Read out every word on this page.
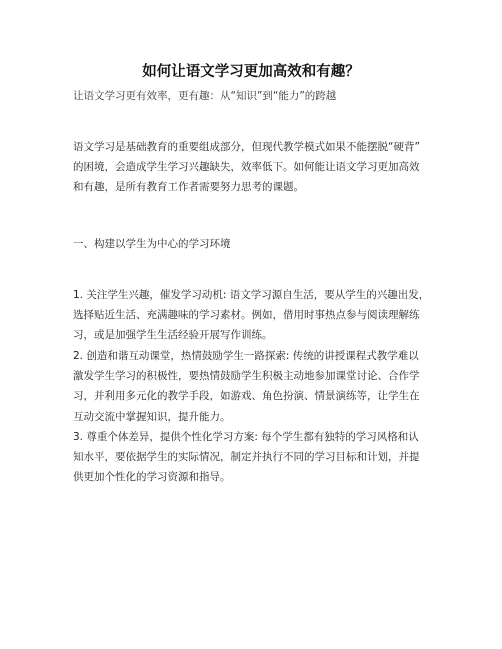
如何让语文学习更加高效和有趣？
让语文学习更有效率，更有趣：从“知识”到“能力”的跨越
语文学习是基础教育的重要组成部分，但现代教学模式如果不能摆脱“硬背”
的困境，会造成学生学习兴趣缺失，效率低下。如何能让语文学习更加高效
和有趣，是所有教育工作者需要努力思考的课题。
一、构建以学生为中心的学习环境
1. 关注学生兴趣，催发学习动机: 语文学习源自生活，要从学生的兴趣出发，
选择贴近生活、充满趣味的学习素材。例如，借用时事热点参与阅读理解练
习，或是加强学生生活经验开展写作训练。
2. 创造和谐互动课堂，热情鼓励学生一路探索: 传统的讲授课程式教学难以
激发学生学习的积极性，要热情鼓励学生积极主动地参加课堂讨论、合作学
习，并利用多元化的教学手段，如游戏、角色扮演、情景演练等，让学生在
互动交流中掌握知识，提升能力。
3. 尊重个体差异，提供个性化学习方案: 每个学生都有独特的学习风格和认
知水平，要依据学生的实际情况，制定并执行不同的学习目标和计划，并提
供更加个性化的学习资源和指导。
